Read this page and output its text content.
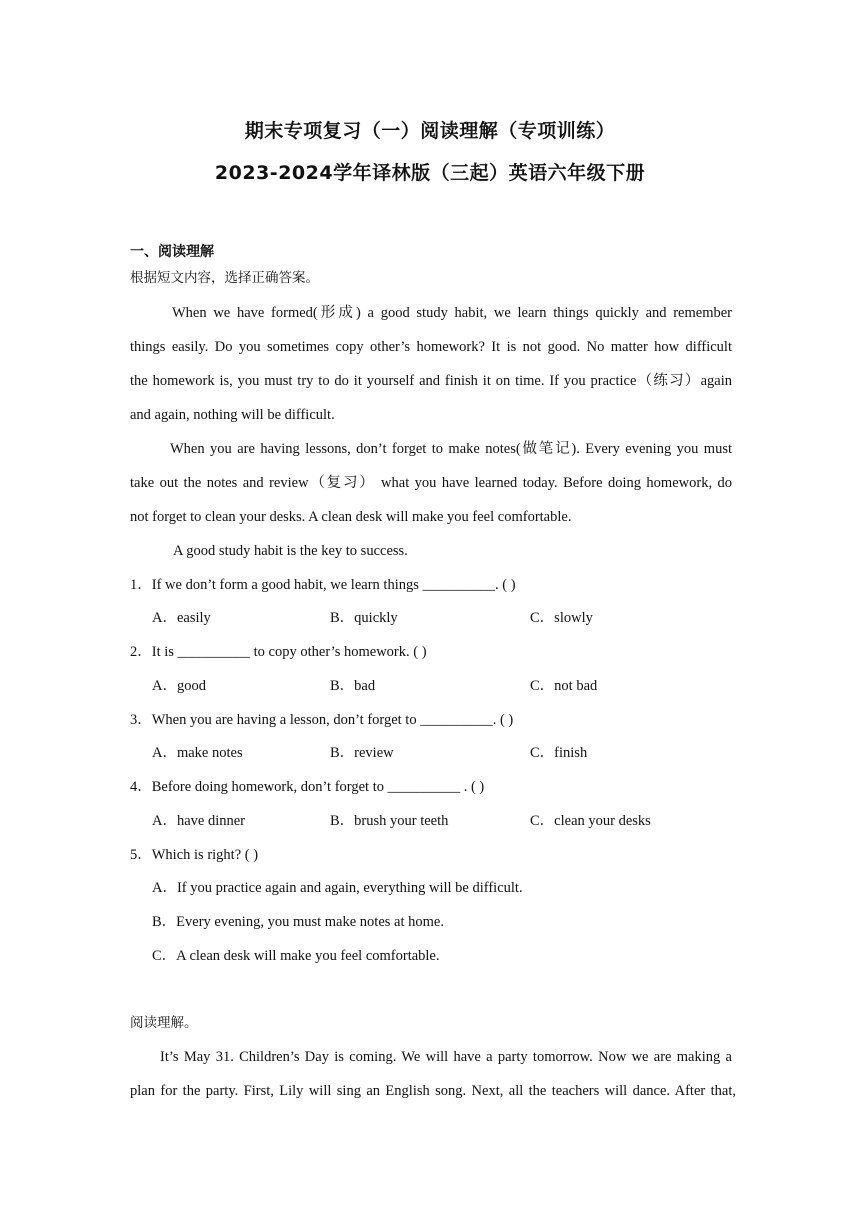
期末专项复习（一）阅读理解（专项训练）
2023-2024学年译林版（三起）英语六年级下册
一、阅读理解
根据短文内容，选择正确答案。
When we have formed(形成) a good study habit, we learn things quickly and remember
things easily. Do you sometimes copy other’s homework? It is not good. No matter how difficult
the homework is, you must try to do it yourself and finish it on time. If you practice（练习）again
and again, nothing will be difficult.
When you are having lessons, don’t forget to make notes(做笔记). Every evening you must
take out the notes and review（复习） what you have learned today. Before doing homework, do
not forget to clean your desks. A clean desk will make you feel comfortable.
A good study habit is the key to success.
1．If we don’t form a good habit, we learn things __________. ( )
A．easily	B．quickly	C．slowly
2．It is __________ to copy other’s homework. ( )
A．good	B．bad	C．not bad
3．When you are having a lesson, don’t forget to __________. ( )
A．make notes	B．review	C．finish
4．Before doing homework, don’t forget to __________ . ( )
A．have dinner	B．brush your teeth	C．clean your desks
5．Which is right? ( )
A．If you practice again and again, everything will be difficult.
B．Every evening, you must make notes at home.
C．A clean desk will make you feel comfortable.
阅读理解。
It’s May 31. Children’s Day is coming. We will have a party tomorrow. Now we are making a
plan for the party. First, Lily will sing an English song. Next, all the teachers will dance. After that,
